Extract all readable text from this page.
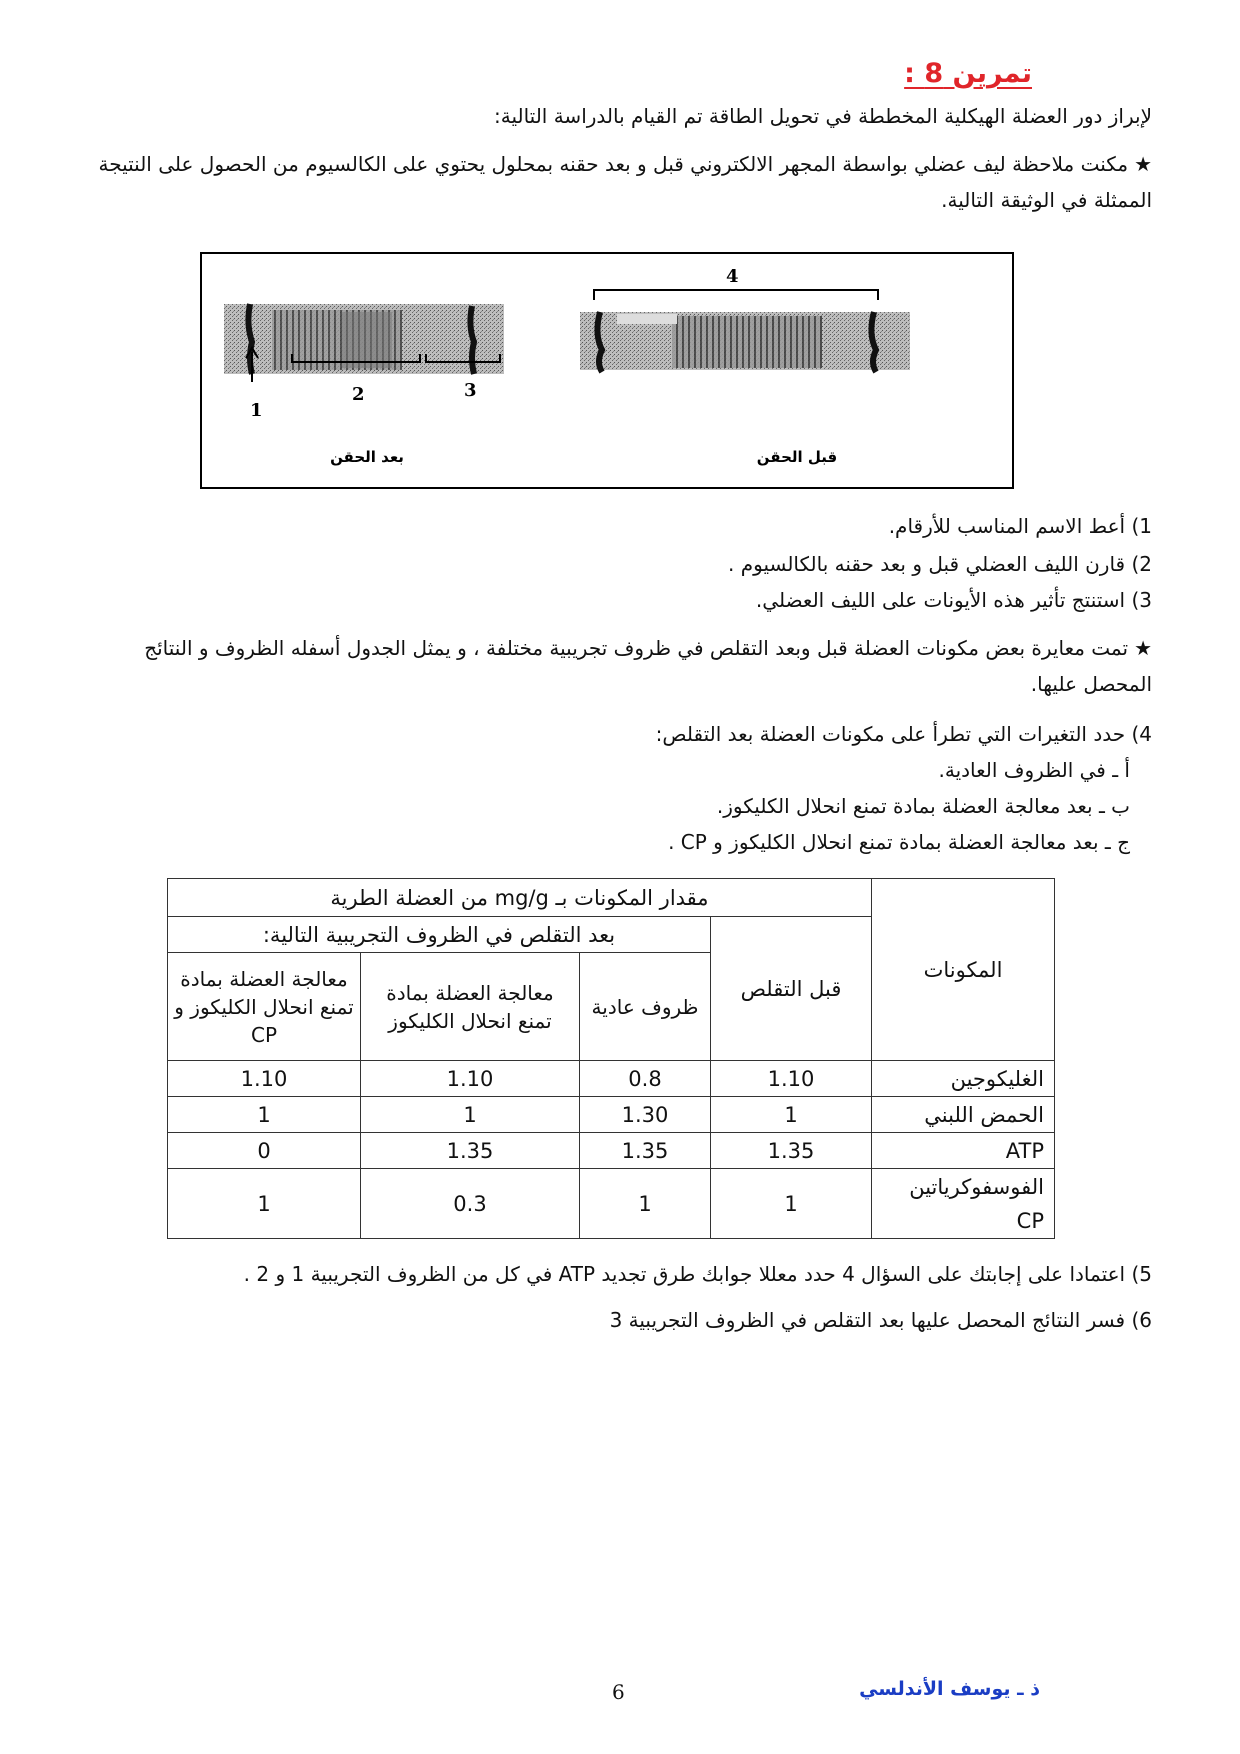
تمرين 8 :
لإبراز دور العضلة الهيكلية المخططة في تحويل الطاقة تم القيام بالدراسة التالية:
★مكنت ملاحظة ليف عضلي بواسطة المجهر الالكتروني قبل و بعد حقنه بمحلول يحتوي على الكالسيوم من الحصول على النتيجة الممثلة في الوثيقة التالية.
1
2	3
4
بعد الحقن	قبل الحقن
1) أعط الاسم المناسب للأرقام.
2) قارن الليف العضلي قبل و بعد حقنه بالكالسيوم .
3) استنتج تأثير هذه الأيونات على الليف العضلي.
★تمت معايرة بعض مكونات العضلة قبل وبعد التقلص في ظروف تجريبية مختلفة ، و يمثل الجدول أسفله الظروف و النتائج المحصل عليها.
4) حدد التغيرات التي تطرأ على مكونات العضلة بعد التقلص:
أ ـ في الظروف العادية.
ب ـ بعد معالجة العضلة بمادة تمنع انحلال الكليكوز.
ج ـ بعد معالجة العضلة بمادة تمنع انحلال الكليكوز و CP .
المكونات	مقدار المكونات بـ mg/g من العضلة الطرية			
	قبل التقلص	بعد التقلص في الظروف التجريبية التالية:		
		ظروف عادية	معالجة العضلة بمادة تمنع انحلال الكليكوز	معالجة العضلة بمادة تمنع انحلال الكليكوز و CP
الغليكوجين	1.10	0.8	1.10	1.10
الحمض اللبني	1	1.30	1	1
ATP	1.35	1.35	1.35	0
الفوسفوكرياتين CP	1	1	0.3	1
5) اعتمادا على إجابتك على السؤال 4 حدد معللا جوابك طرق تجديد ATP في كل من الظروف التجريبية 1 و 2 .
6) فسر النتائج المحصل عليها بعد التقلص في الظروف التجريبية 3
6	ذ ـ يوسف الأندلسي
